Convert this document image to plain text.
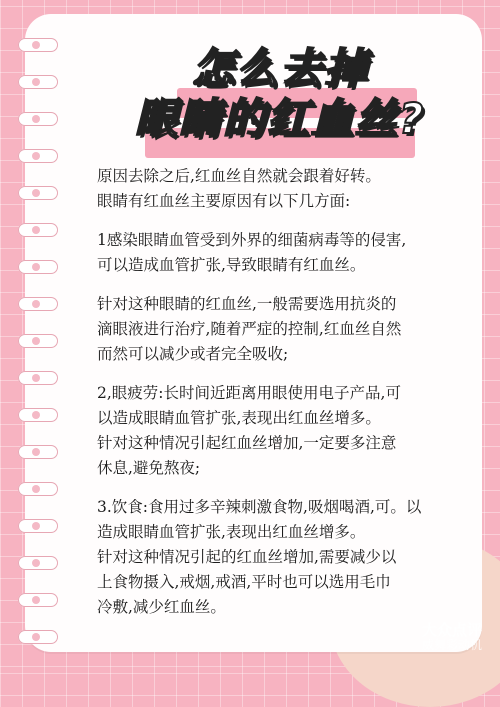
怎么去掉
眼睛的红血丝?

原因去除之后,红血丝自然就会跟着好转。
眼睛有红血丝主要原因有以下几方面:

1感染眼睛血管受到外界的细菌病毒等的侵害,
可以造成血管扩张,导致眼睛有红血丝。

针对这种眼睛的红血丝,一般需要选用抗炎的
滴眼液进行治疗,随着严症的控制,红血丝自然
而然可以减少或者完全吸收;

2,眼疲劳:长时间近距离用眼使用电子产品,可
以造成眼睛血管扩张,表现出红血丝增多。
针对这种情况引起红血丝增加,一定要多注意
休息,避免熬夜;

3.饮食:食用过多辛辣刺激食物,吸烟喝酒,可。以
造成眼睛血管扩张,表现出红血丝增多。
针对这种情况引起的红血丝增加,需要减少以
上食物摄入,戒烟,戒酒,平时也可以选用毛巾
冷敷,减少红血丝。

大众点评
威舞彩动机
